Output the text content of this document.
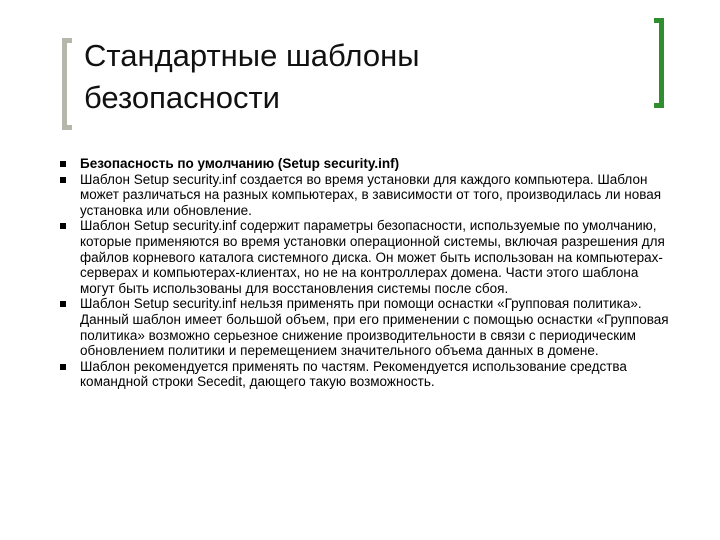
Стандартные шаблоны
безопасности
Безопасность по умолчанию (Setup security.inf)
Шаблон Setup security.inf создается во время установки для каждого компьютера. Шаблон может различаться на разных компьютерах, в зависимости от того, производилась ли новая установка или обновление.
Шаблон Setup security.inf содержит параметры безопасности, используемые по умолчанию, которые применяются во время установки операционной системы, включая разрешения для файлов корневого каталога системного диска. Он может быть использован на компьютерах-серверах и компьютерах-клиентах, но не на контроллерах домена. Части этого шаблона могут быть использованы для восстановления системы после сбоя.
Шаблон Setup security.inf нельзя применять при помощи оснастки «Групповая политика». Данный шаблон имеет большой объем, при его применении с помощью оснастки «Групповая политика» возможно серьезное снижение производительности в связи с периодическим обновлением политики и перемещением значительного объема данных в домене.
Шаблон рекомендуется применять по частям. Рекомендуется использование средства командной строки Secedit, дающего такую возможность.
